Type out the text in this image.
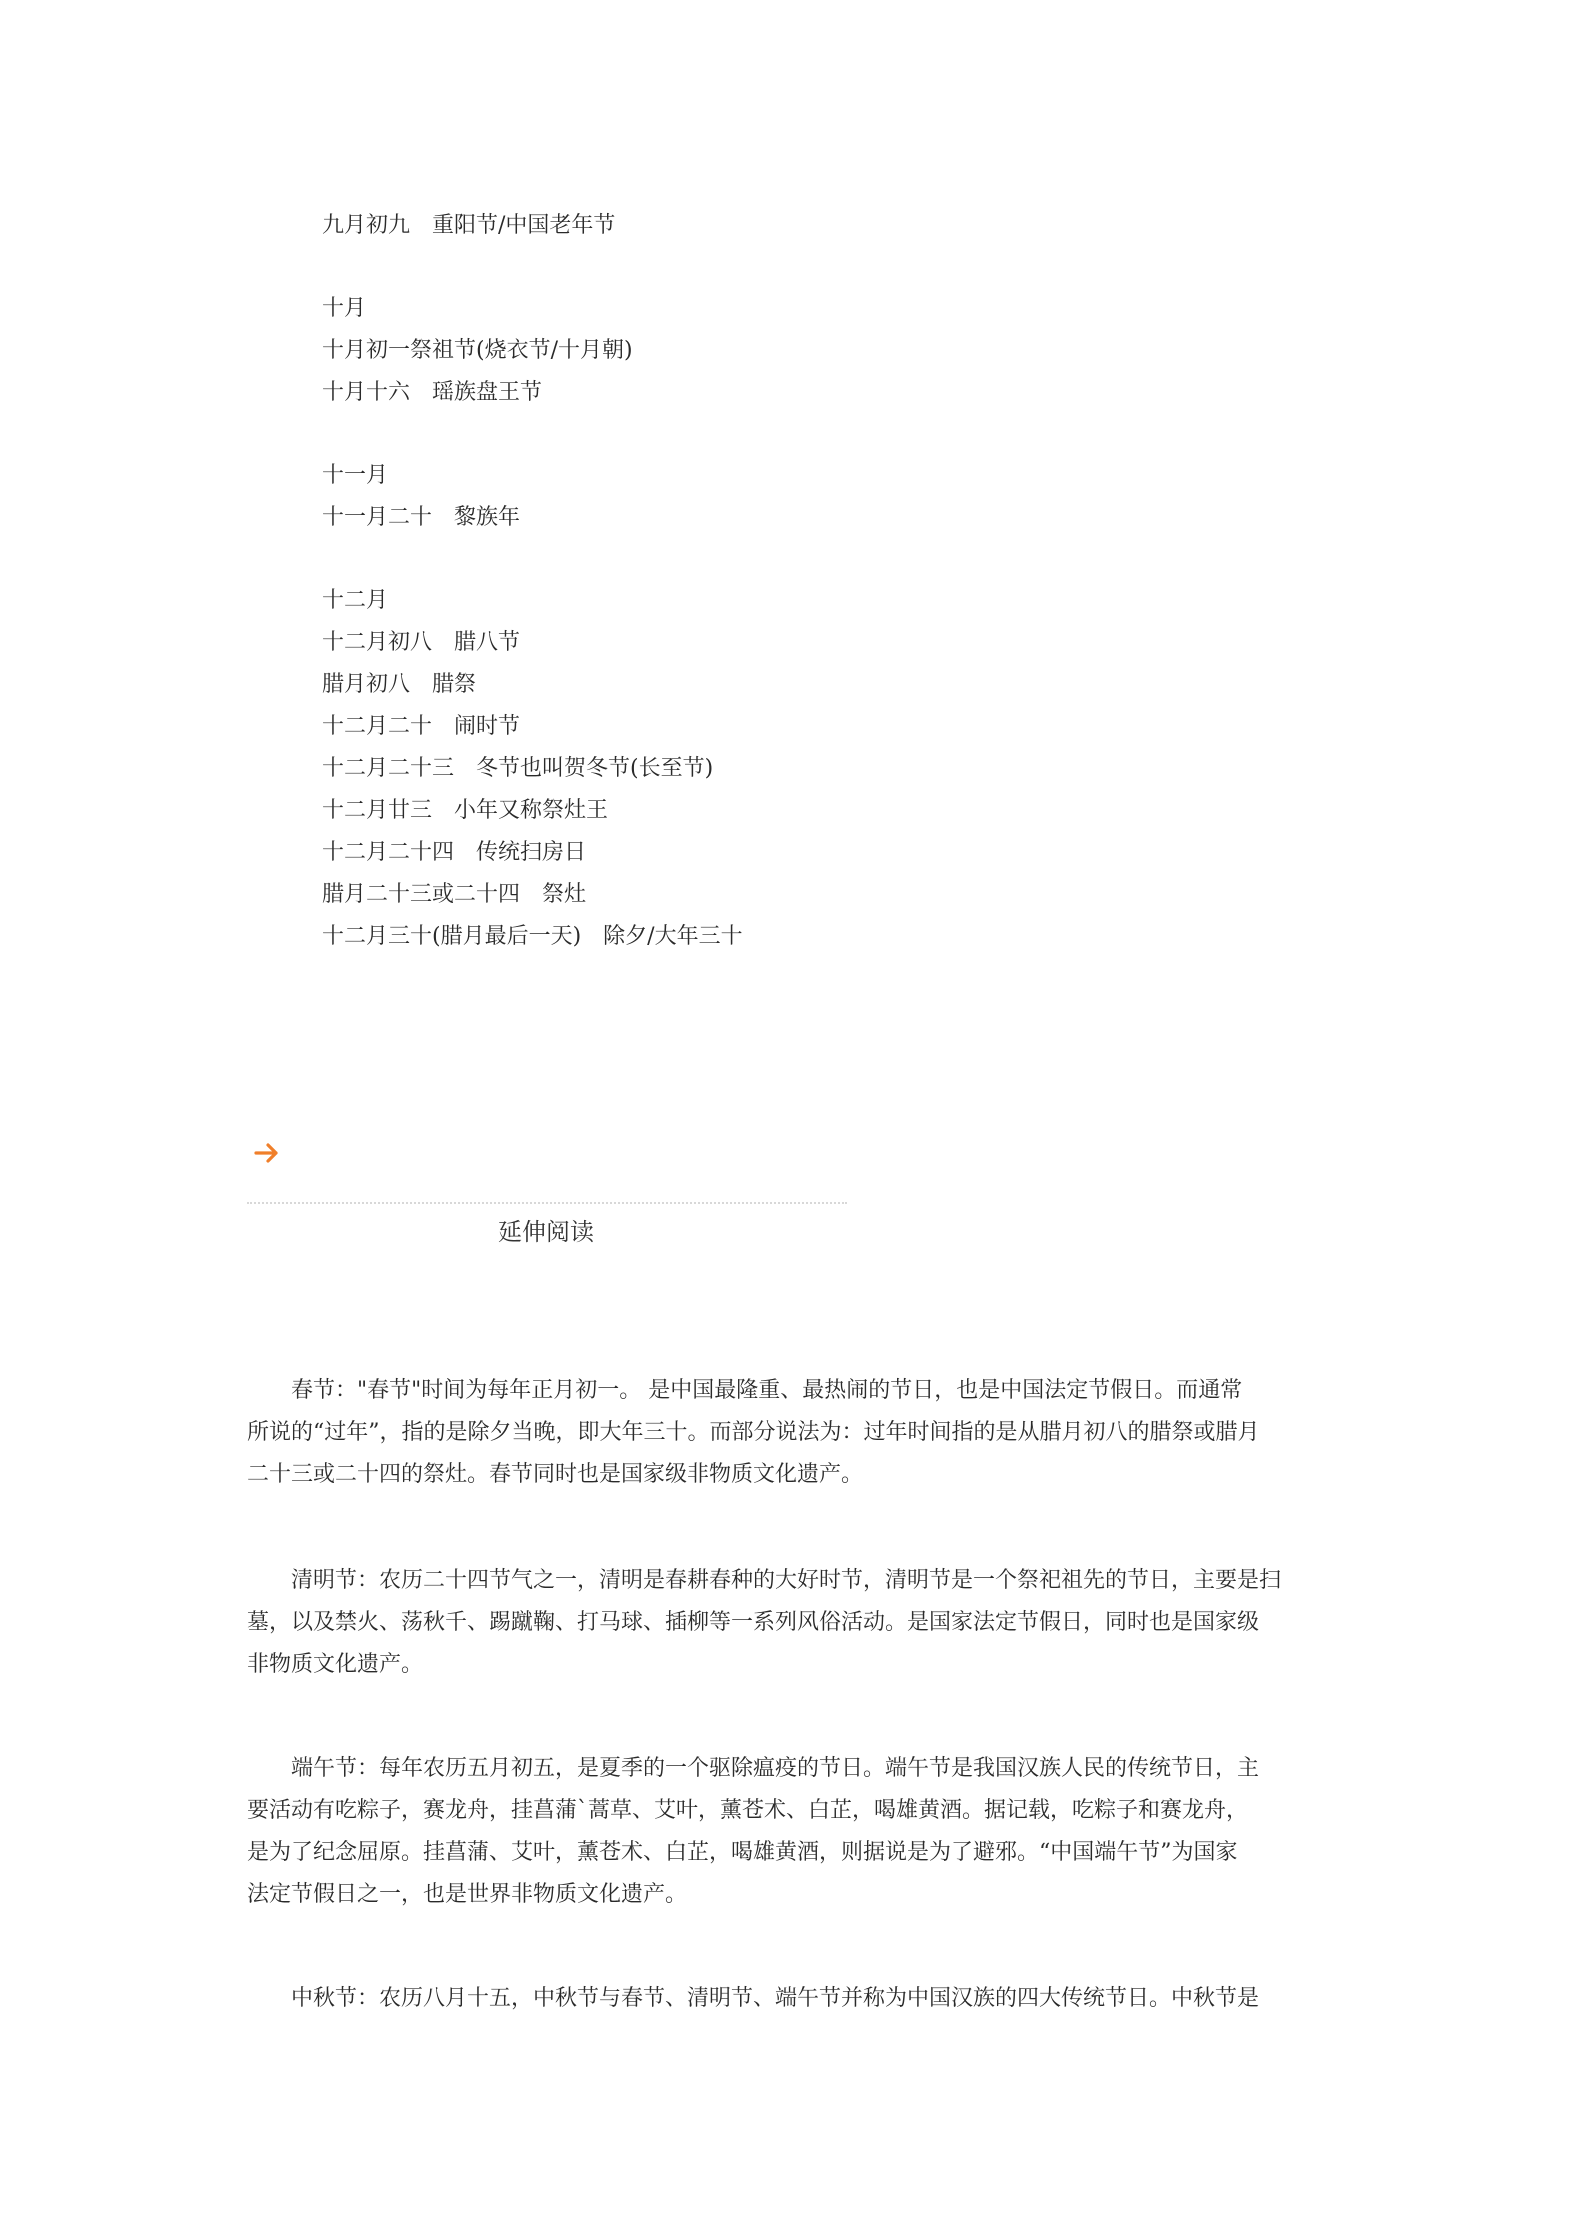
九月初九　重阳节/中国老年节
十月
十月初一祭祖节(烧衣节/十月朝)
十月十六　瑶族盘王节
十一月
十一月二十　黎族年
十二月
十二月初八　腊八节
腊月初八　腊祭
十二月二十　闹时节
十二月二十三　冬节也叫贺冬节(长至节)
十二月廿三　小年又称祭灶王
十二月二十四　传统扫房日
腊月二十三或二十四　祭灶
十二月三十(腊月最后一天)　除夕/大年三十
延伸阅读
　　春节："春节"时间为每年正月初一。 是中国最隆重、最热闹的节日，也是中国法定节假日。而通常
所说的“过年”，指的是除夕当晚，即大年三十。而部分说法为：过年时间指的是从腊月初八的腊祭或腊月
二十三或二十四的祭灶。春节同时也是国家级非物质文化遗产。
　　清明节：农历二十四节气之一，清明是春耕春种的大好时节，清明节是一个祭祀祖先的节日，主要是扫
墓，以及禁火、荡秋千、踢蹴鞠、打马球、插柳等一系列风俗活动。是国家法定节假日，同时也是国家级
非物质文化遗产。
　　端午节：每年农历五月初五，是夏季的一个驱除瘟疫的节日。端午节是我国汉族人民的传统节日，主
要活动有吃粽子，赛龙舟，挂菖蒲`蒿草、艾叶，薰苍术、白芷，喝雄黄酒。据记载，吃粽子和赛龙舟，
是为了纪念屈原。挂菖蒲、艾叶，薰苍术、白芷，喝雄黄酒，则据说是为了避邪。“中国端午节”为国家
法定节假日之一，也是世界非物质文化遗产。
　　中秋节：农历八月十五，中秋节与春节、清明节、端午节并称为中国汉族的四大传统节日。中秋节是
